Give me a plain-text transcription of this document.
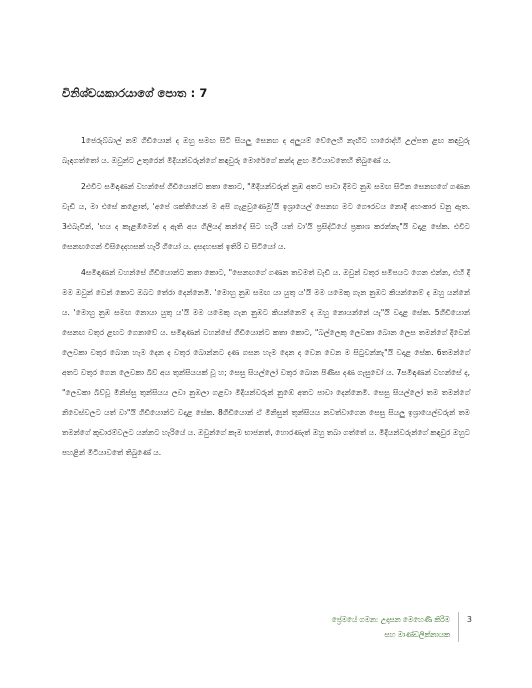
විනිශ්චයකාරයාගේ පොත : 7

1ජෙරුබ්බාල් නම් ගිඩියොන් ද ඔහු සමඟ සිටි සියලු සෙනඟ ද අලුයම් වේලෙහි නැඟිට හාරොද්හි උල්පත ළඟ කඳවුරු බැඳගත්තෝ ය. ඔවුන්ට උතුරෙන් මිදියන්වරුන්ගේ කඳවුරු මොරේගේ කන්ද ළඟ මිටියාවතෙහි තිබුණේ ය.

2එවිට සමිඳාණන් වහන්සේ ගිඩියොන්ට කතා කොට, "මිදියන්වරුන් නුඹ අතට පාවා දීමට නුඹ සමඟ සිටින සෙනඟගේ ගණන වැඩි ය, මා එසේ කළොත්, 'අපේ ශක්තියෙන් ම අපි ගැළවුණෙමු'යි ඉශ්‍රායෙල් සෙනඟ මට ගෞරවය නොදී අහංකාර වනු ඇත. 3එබැවින්, 'භය ද කැළඹීමෙන් ද ඇති අය ගිලියද් කන්දේ සිට හැරී යත් වා'යි ප්‍රසිද්ධියේ ප්‍රකාශ කරන්නැ"යි වදාළ සේක. එවිට සෙනඟගෙන් විසිදෙදහසක් හැරී ගියෝ ය. දසදහසක් ඉතිරි ව සිටියෝ ය.

4සමිඳාණන් වහන්සේ ගිඩියොන්ට කතා කොට, "සෙනඟගේ ගණන තවමත් වැඩි ය. ඔවුන් වතුර සමීපයට ගෙන එන්න, එහි දී මම ඔවුන් වෙන් කොට ඔබට තේරා දෙන්නෙමි. 'මොහු නුඹ සමඟ යා යුතු ය'යි මම යමෙකු ගැන නුඹට කියන්නෙම් ද ඔහු යන්නේ ය. 'මොහු නුඹ සමඟ නොයා යුතු ය'යි මම යමෙකු ගැන නුඹට කියන්නෙම් ද ඔහු නොයන්නේ යැ"යි වදාළ සේක. 5ගිඩියොන් සෙනඟ වතුර ළඟට ගෙනාවේ ය. සමිඳාණන් වහන්සේ ගිඩියොන්ට කතා කොට, "බල්ලෙකු ලෙවකා බොන ලෙස තමන්ගේ දිවෙන් ලෙවකා වතුර බොන හැම දෙන ද වතුර බොන්නට දණ ගසන හැම දෙන ද වෙන වෙන ම සිටුවන්නැ"යි වදාළ සේක. 6තමන්ගේ අතට වතුර ගෙන ලෙවකා බිව් අය තුන්සියයක් වූ හ; සෙසු සියල්ලෝ වතුර බොන පිණිස දණ ගැසුවෝ ය. 7සමිඳාණන් වහන්සේ ද, "ලෙවකා බිව්වූ මිනිස්සු තුන්සියය ලවා නුඹලා ගළවා මිදියන්වරුන් නුඹේ අතට පාවා දෙන්නෙමි. සෙසු සියල්ලෝ තම තමන්ගේ නිවෙස්වලට යත් වා"යි ගිඩියොන්ට වදාළ සේක. 8ගිඩියොන් ඒ මිනිසුන් තුන්සියය නවත්වාගෙන සෙසු සියලු ඉශ්‍රායෙල්වරුන් තම තමන්ගේ කූඩාරම්වලට යන්නට හැරියේ ය. ඔවුන්ගේ කෑම භාජනත්, හොරණෑත් ඔහු තබා ගත්තේ ය. මිදියන්වරුන්ගේ කඳවුර ඔහුට පහළින් මිටියාවතේ තිබුණේ ය.

ප්‍රේමයේ ගමන: උදාසන මෙහෙණි කිරිම
සහ මාණ්ඩලික්නායක
3
